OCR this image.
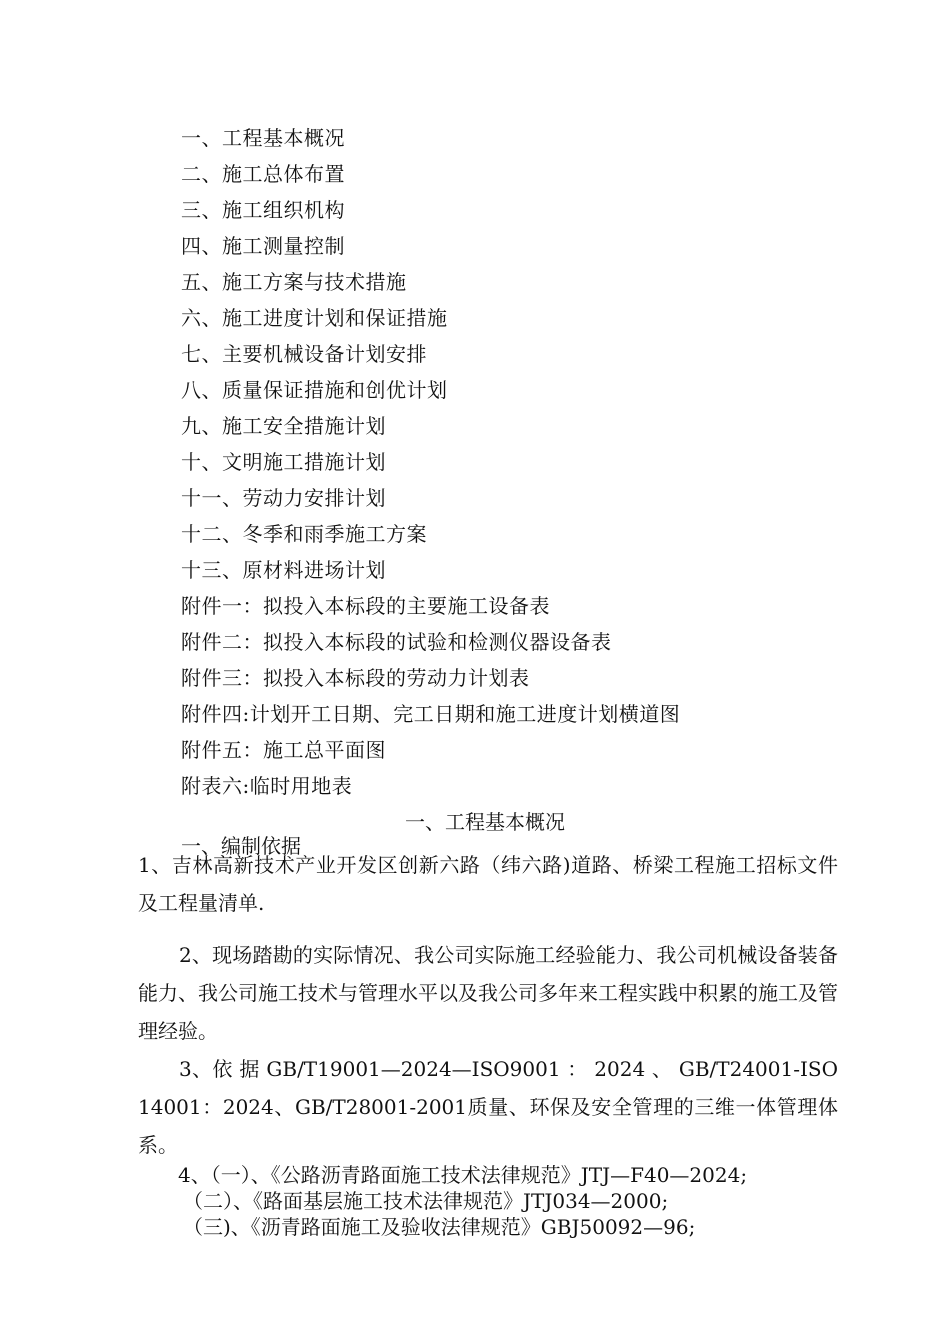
一、工程基本概况
二、施工总体布置
三、施工组织机构
四、施工测量控制
五、施工方案与技术措施
六、施工进度计划和保证措施
七、主要机械设备计划安排
八、质量保证措施和创优计划
九、施工安全措施计划
十、文明施工措施计划
十一、劳动力安排计划
十二、冬季和雨季施工方案
十三、原材料进场计划
附件一：拟投入本标段的主要施工设备表
附件二：拟投入本标段的试验和检测仪器设备表
附件三：拟投入本标段的劳动力计划表
附件四:计划开工日期、完工日期和施工进度计划横道图
附件五：施工总平面图
附表六:临时用地表
一、工程基本概况
一、编制依据
1、吉林高新技术产业开发区创新六路（纬六路)道路、桥梁工程施工招标文件及工程量清单.
2、现场踏勘的实际情况、我公司实际施工经验能力、我公司机械设备装备能力、我公司施工技术与管理水平以及我公司多年来工程实践中积累的施工及管理经验。
3、依 据 GB/T19001—2024—ISO9001 ： 2024 、 GB/T24001-ISO
14001：2024、GB/T28001-2001质量、环保及安全管理的三维一体管理体系。
4、（一）、《公路沥青路面施工技术法律规范》JTJ—F40—2024;
（二）、《路面基层施工技术法律规范》JTJ034—2000;
（三)、《沥青路面施工及验收法律规范》GBJ50092—96;
